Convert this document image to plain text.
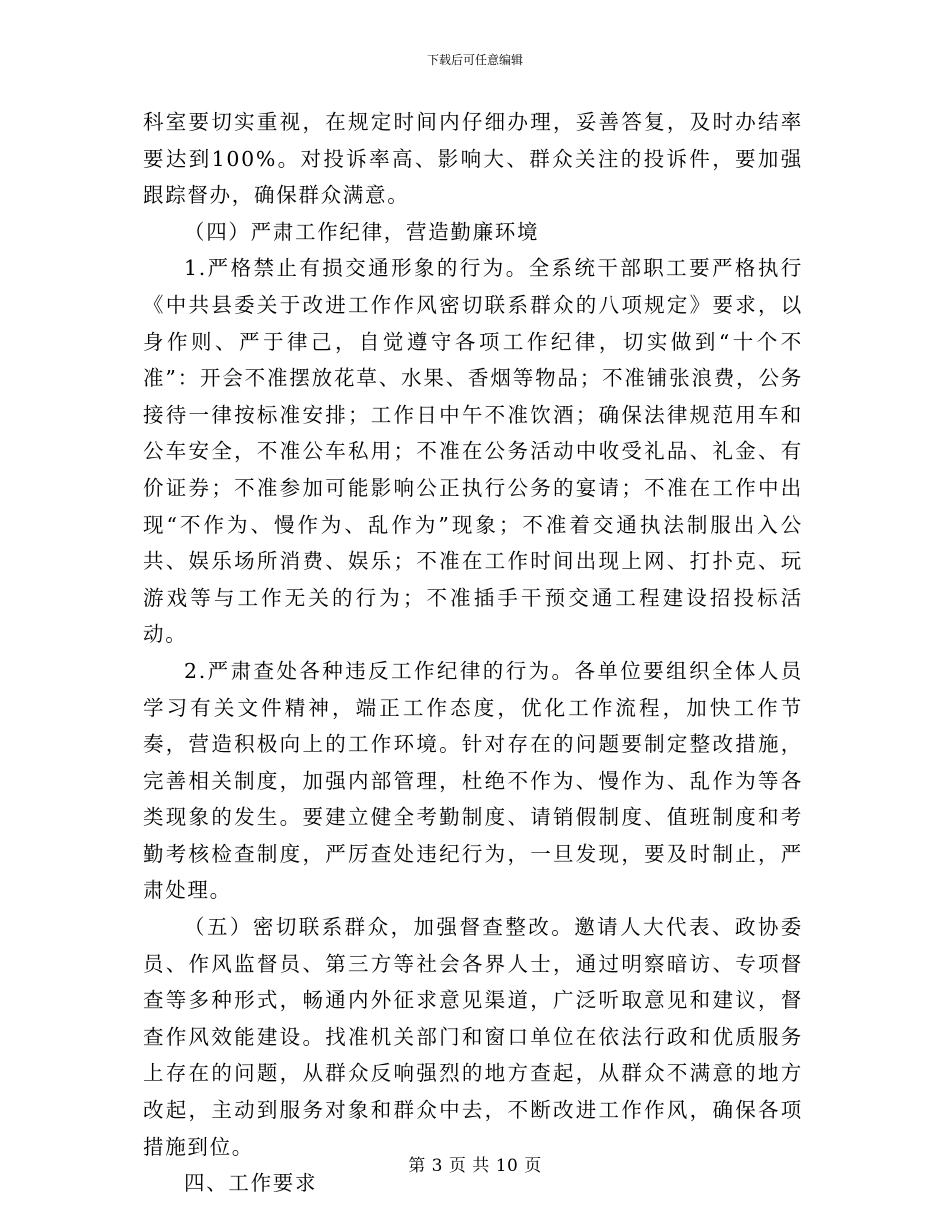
下载后可任意编辑

科室要切实重视，在规定时间内仔细办理，妥善答复，及时办结率要达到100%。对投诉率高、影响大、群众关注的投诉件，要加强跟踪督办，确保群众满意。

（四）严肃工作纪律，营造勤廉环境

1.严格禁止有损交通形象的行为。全系统干部职工要严格执行《中共县委关于改进工作作风密切联系群众的八项规定》要求，以身作则、严于律己，自觉遵守各项工作纪律，切实做到“十个不准”：开会不准摆放花草、水果、香烟等物品；不准铺张浪费，公务接待一律按标准安排；工作日中午不准饮酒；确保法律规范用车和公车安全，不准公车私用；不准在公务活动中收受礼品、礼金、有价证券；不准参加可能影响公正执行公务的宴请；不准在工作中出现“不作为、慢作为、乱作为”现象；不准着交通执法制服出入公共、娱乐场所消费、娱乐；不准在工作时间出现上网、打扑克、玩游戏等与工作无关的行为；不准插手干预交通工程建设招投标活动。

2.严肃查处各种违反工作纪律的行为。各单位要组织全体人员学习有关文件精神，端正工作态度，优化工作流程，加快工作节奏，营造积极向上的工作环境。针对存在的问题要制定整改措施，完善相关制度，加强内部管理，杜绝不作为、慢作为、乱作为等各类现象的发生。要建立健全考勤制度、请销假制度、值班制度和考勤考核检查制度，严厉查处违纪行为，一旦发现，要及时制止，严肃处理。

（五）密切联系群众，加强督查整改。邀请人大代表、政协委员、作风监督员、第三方等社会各界人士，通过明察暗访、专项督查等多种形式，畅通内外征求意见渠道，广泛听取意见和建议，督查作风效能建设。找准机关部门和窗口单位在依法行政和优质服务上存在的问题，从群众反响强烈的地方查起，从群众不满意的地方改起，主动到服务对象和群众中去，不断改进工作作风，确保各项措施到位。

四、工作要求

第 3 页 共 10 页
